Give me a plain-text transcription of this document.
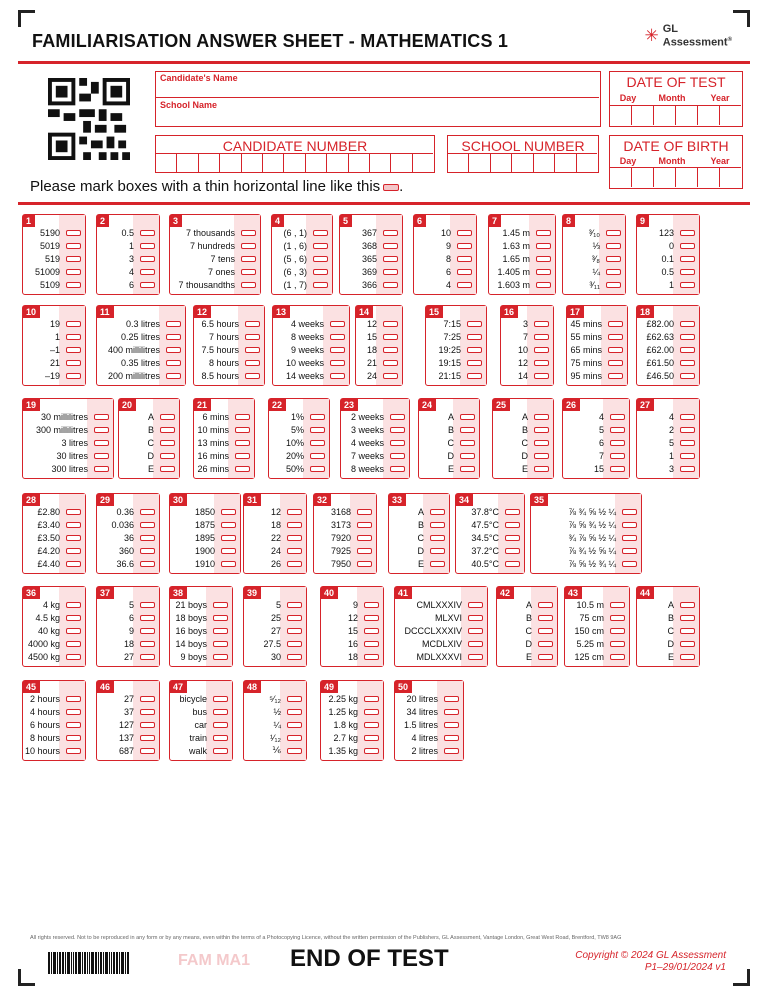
FAMILIARISATION ANSWER SHEET - MATHEMATICS 1	✳ GL
Assessment®
Candidate's Name
School Name
DATE OF TEST
Day	Month	Year
CANDIDATE NUMBER	SCHOOL NUMBER	DATE OF BIRTH
Day	Month	Year
Please mark boxes with a thin horizontal line like this .
1
5190
5019
519
51009
5109
2
0.5
1
3
4
6
3
7 thousands
7 hundreds
7 tens
7 ones
7 thousandths
4
(6 , 1)
(1 , 6)
(5 , 6)
(6 , 3)
(1 , 7)
5
367
368
365
369
366
6
10
9
8
6
4
7
1.45 m
1.63 m
1.65 m
1.405 m
1.603 m
8
³⁄₁₀
⅓
³⁄₈
¼
³⁄₁₁
9
123
0
0.1
0.5
1
10
19
1
–1
21
–19
11
0.3 litres
0.25 litres
400 millilitres
0.35 litres
200 millilitres
12
6.5 hours
7 hours
7.5 hours
8 hours
8.5 hours
13
4 weeks
8 weeks
9 weeks
10 weeks
14 weeks
14
12
15
18
21
24
15
7:15
7:25
19:25
19:15
21:15
16
3
7
10
12
14
17
45 mins
55 mins
65 mins
75 mins
95 mins
18
£82.00
£62.63
£62.00
£61.50
£46.50
19
30 millilitres
300 millilitres
3 litres
30 litres
300 litres
20
A
B
C
D
E
21
6 mins
10 mins
13 mins
16 mins
26 mins
22
1%
5%
10%
20%
50%
23
2 weeks
3 weeks
4 weeks
7 weeks
8 weeks
24
A
B
C
D
E
25
A
B
C
D
E
26
4
5
6
7
15
27
4
2
5
1
3
28
£2.80
£3.40
£3.50
£4.20
£4.40
29
0.36
0.036
36
360
36.6
30
1850
1875
1895
1900
1910
31
12
18
22
24
26
32
3168
3173
7920
7925
7950
33
A
B
C
D
E
34
37.8°C
47.5°C
34.5°C
37.2°C
40.5°C
35
⅞ ¾ ⅝ ½ ¼
⅞ ⅝ ¾ ½ ¼
¾ ⅞ ⅝ ½ ¼
⅞ ¾ ½ ⅝ ¼
⅞ ⅝ ½ ¾ ¼
36
4 kg
4.5 kg
40 kg
4000 kg
4500 kg
37
5
6
9
18
27
38
21 boys
18 boys
16 boys
14 boys
9 boys
39
5
25
27
27.5
30
40
9
12
15
16
18
41
CMLXXXIV
MLXVI
DCCCLXXXIV
MCDLXIV
MDLXXXVI
42
A
B
C
D
E
43
10.5 m
75 cm
150 cm
5.25 m
125 cm
44
A
B
C
D
E
45
2 hours
4 hours
6 hours
8 hours
10 hours
46
27
37
127
137
687
47
bicycle
bus
car
train
walk
48
⁵⁄₁₂
½
¼
¹⁄₁₂
⅙
49
2.25 kg
1.25 kg
1.8 kg
2.7 kg
1.35 kg
50
20 litres
34 litres
1.5 litres
4 litres
2 litres
All rights reserved. Not to be reproduced in any form or by any means, even within the terms of a Photocopying Licence, without the written permission of the Publishers, GL Assessment, Vantage London, Great West Road, Brentford, TW8 9AG
FAM MA1 END OF TEST	Copyright © 2024 GL Assessment
P1–29/01/2024 v1
